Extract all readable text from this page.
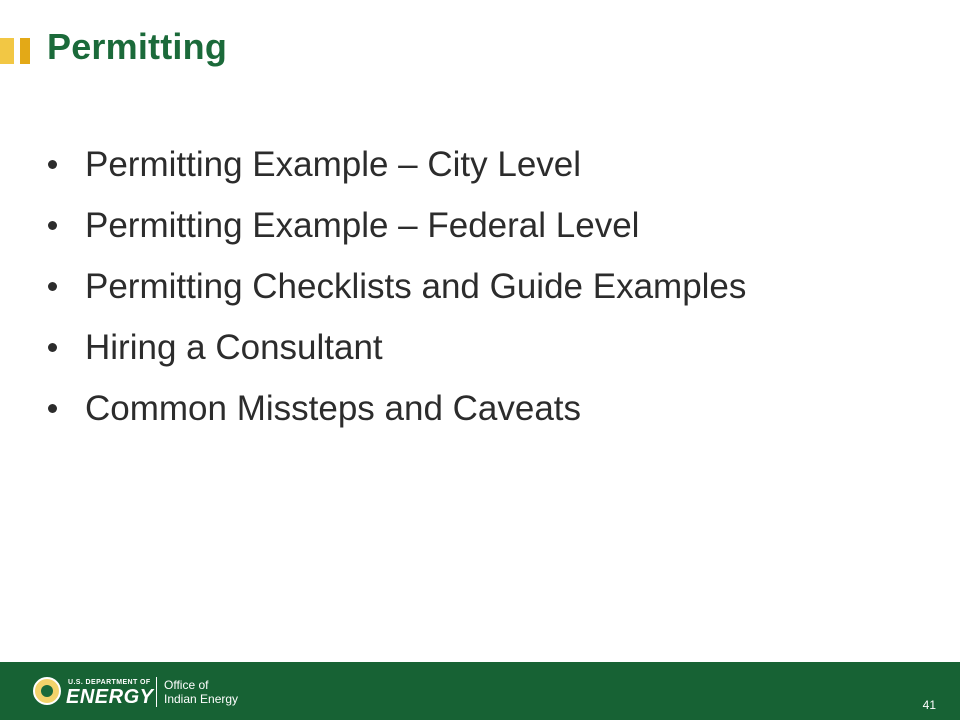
Permitting
Permitting Example – City Level
Permitting Example – Federal Level
Permitting Checklists and Guide Examples
Hiring a Consultant
Common Missteps and Caveats
U.S. DEPARTMENT OF
ENERGY
Office of
Indian Energy	41
